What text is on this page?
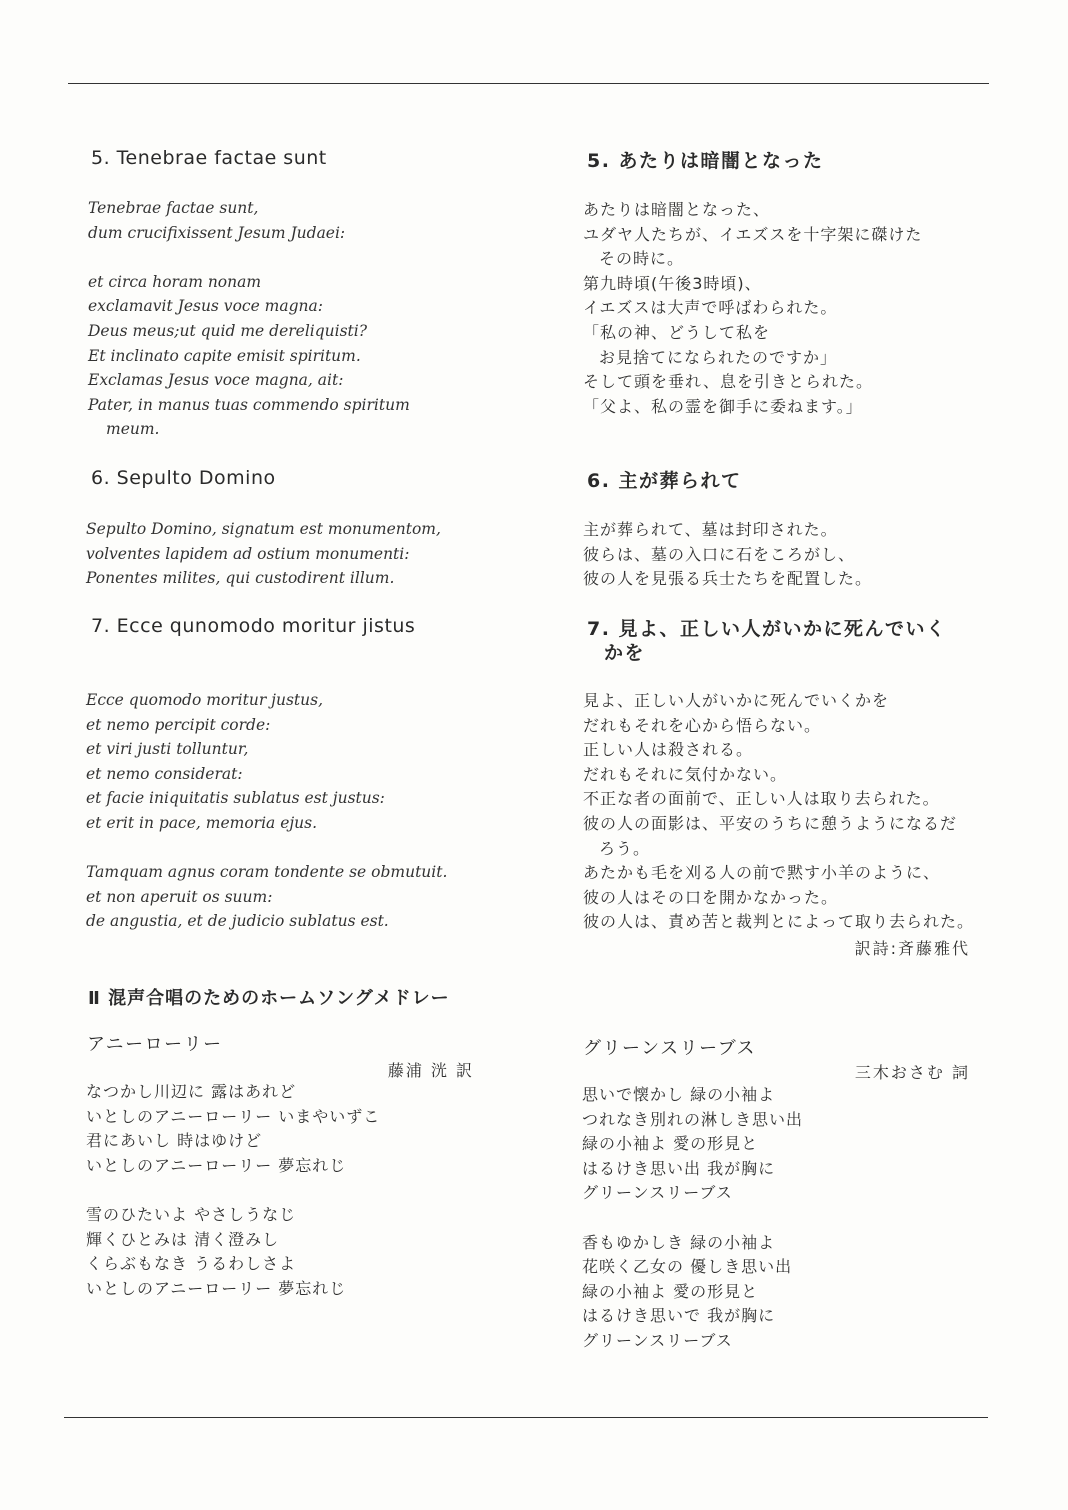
5. Tenebrae factae sunt	5. あたりは暗闇となった
Tenebrae factae sunt,
dum crucifixissent Jesum Judaei:
et circa horam nonam
exclamavit Jesus voce magna:
Deus meus;ut quid me dereliquisti?
Et inclinato capite emisit spiritum.
Exclamas Jesus voce magna, ait:
Pater, in manus tuas commendo spiritum
meum.
あたりは暗闇となった、
ユダヤ人たちが、イエズスを十字架に磔けた
その時に。
第九時頃(午後3時頃)、
イエズスは大声で呼ばわられた。
「私の神、どうして私を
お見捨てになられたのですか」
そして頭を垂れ、息を引きとられた。
「父よ、私の霊を御手に委ねます。」
6. Sepulto Domino	6. 主が葬られて
Sepulto Domino, signatum est monumentom,
volventes lapidem ad ostium monumenti:
Ponentes milites, qui custodirent illum.
主が葬られて、墓は封印された。
彼らは、墓の入口に石をころがし、
彼の人を見張る兵士たちを配置した。
7. Ecce qunomodo moritur jistus	7. 見よ、正しい人がいかに死んでいく
かを
Ecce quomodo moritur justus,
et nemo percipit corde:
et viri justi tolluntur,
et nemo considerat:
et facie iniquitatis sublatus est justus:
et erit in pace, memoria ejus.
Tamquam agnus coram tondente se obmutuit.
et non aperuit os suum:
de angustia, et de judicio sublatus est.
見よ、正しい人がいかに死んでいくかを
だれもそれを心から悟らない。
正しい人は殺される。
だれもそれに気付かない。
不正な者の面前で、正しい人は取り去られた。
彼の人の面影は、平安のうちに憩うようになるだ
ろう。
あたかも毛を刈る人の前で黙す小羊のように、
彼の人はその口を開かなかった。
彼の人は、責め苦と裁判とによって取り去られた。
訳詩:斉藤雅代
Ⅱ 混声合唱のためのホームソングメドレー
アニーローリー
藤浦 洸 訳
なつかし川辺に 露はあれど
いとしのアニーローリー いまやいずこ
君にあいし 時はゆけど
いとしのアニーローリー 夢忘れじ
雪のひたいよ やさしうなじ
輝くひとみは 清く澄みし
くらぶもなき うるわしさよ
いとしのアニーローリー 夢忘れじ
グリーンスリーブス
三木おさむ 詞
思いで懐かし 緑の小袖よ
つれなき別れの淋しき思い出
緑の小袖よ 愛の形見と
はるけき思い出 我が胸に
グリーンスリーブス
香もゆかしき 緑の小袖よ
花咲く乙女の 優しき思い出
緑の小袖よ 愛の形見と
はるけき思いで 我が胸に
グリーンスリーブス
